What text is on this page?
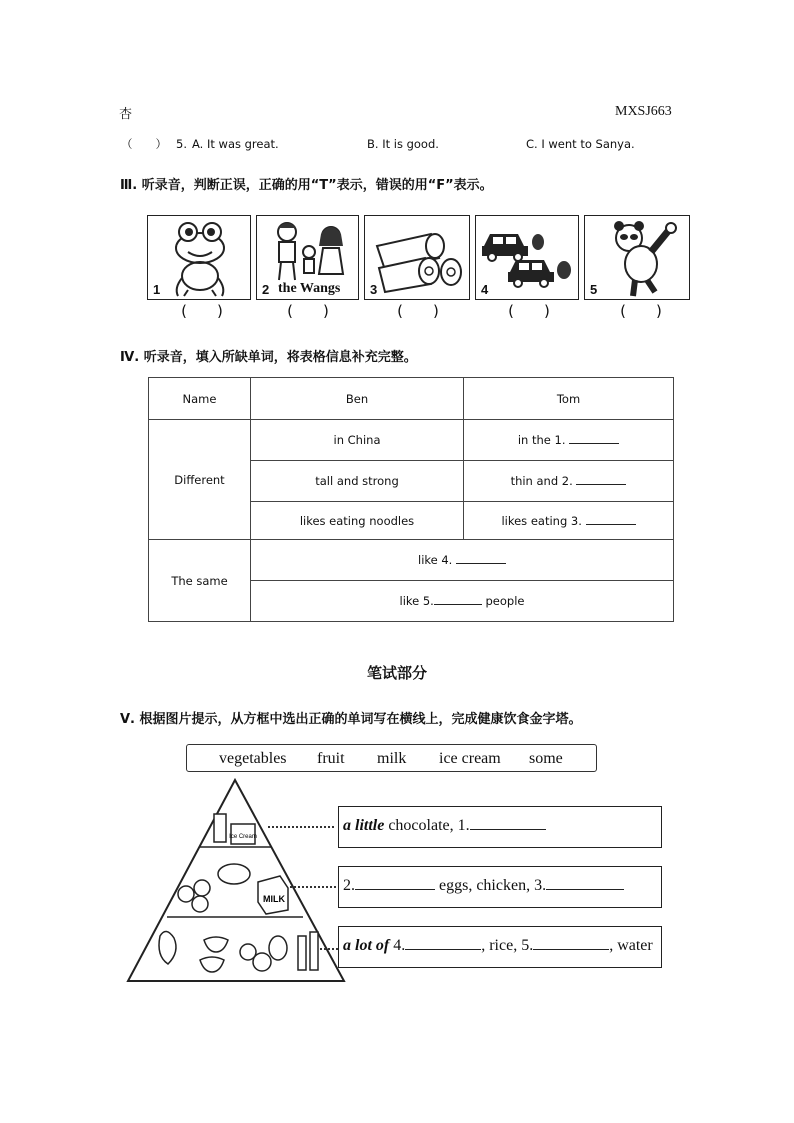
杏	MXSJ663
（　　） 5. A. It was great.	B. It is good.	C. I went to Sanya.
Ⅲ. 听录音，判断正误，正确的用“T”表示，错误的用“F”表示。
1	2 the Wangs 3	4	5
(　　)	(　　)	(　　)	(　　)	(　　)
Ⅳ. 听录音，填入所缺单词，将表格信息补充完整。
Name	Ben	Tom
Different	in China	in the 1.
	tall and strong	thin and 2.
	likes eating noodles	likes eating 3.
The same	like 4.	
	like 5. people	
笔试部分
Ⅴ. 根据图片提示，从方框中选出正确的单词写在横线上，完成健康饮食金字塔。
vegetables fruit milk ice cream some
Ice Cream
MILK
a little chocolate, 1.
2.	eggs, chicken, 3.
a lot of 4.	, rice, 5.	, water
